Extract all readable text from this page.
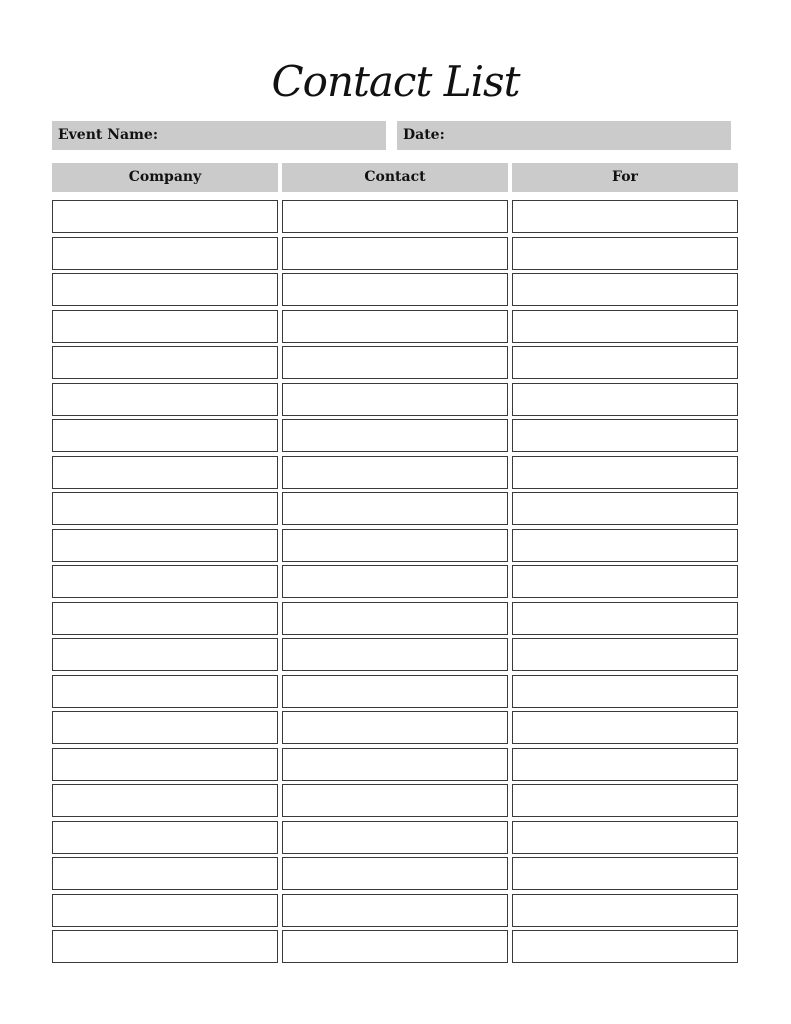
Contact List
Event Name:	Date:
Company	Contact	For
